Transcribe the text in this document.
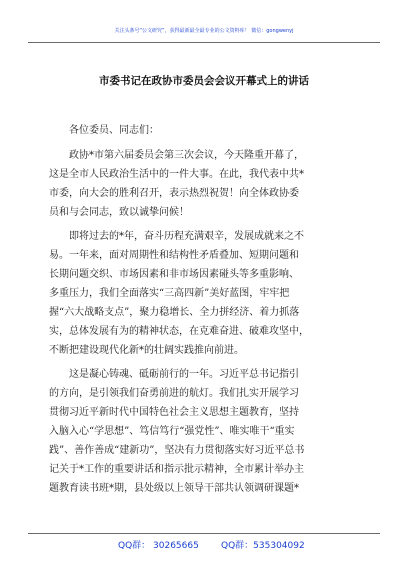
关注头条号“公文研究”，获得最新最全最专业的公文资料库！ 微信：gongwenyj
市委书记在政协市委员会会议开幕式上的讲话
各位委员、同志们：
政协*市第六届委员会第三次会议，今天隆重开幕了，
这是全市人民政治生活中的一件大事。在此，我代表中共*
市委，向大会的胜利召开，表示热烈祝贺！向全体政协委
员和与会同志，致以诚挚问候！
即将过去的*年，奋斗历程充满艰辛，发展成就来之不
易。一年来，面对周期性和结构性矛盾叠加、短期问题和
长期问题交织、市场因素和非市场因素碰头等多重影响、
多重压力，我们全面落实“三高四新”美好蓝图，牢牢把
握“六大战略支点”，聚力稳增长、全力拼经济、着力抓落
实，总体发展有为的精神状态，在克难奋进、破难攻坚中，
不断把建设现代化新*的壮阔实践推向前进。
这是凝心铸魂、砥砺前行的一年。习近平总书记指引
的方向，是引领我们奋勇前进的航灯。我们扎实开展学习
贯彻习近平新时代中国特色社会主义思想主题教育，坚持
入脑入心“学思想”、笃信笃行“强党性”、唯实唯干“重实
践”、善作善成“建新功”，坚决有力贯彻落实好习近平总书
记关于*工作的重要讲话和指示批示精神，全市累计举办主
题教育读书班*期，县处级以上领导干部共认领调研课题*
QQ群： 30265665 QQ群：535304092
